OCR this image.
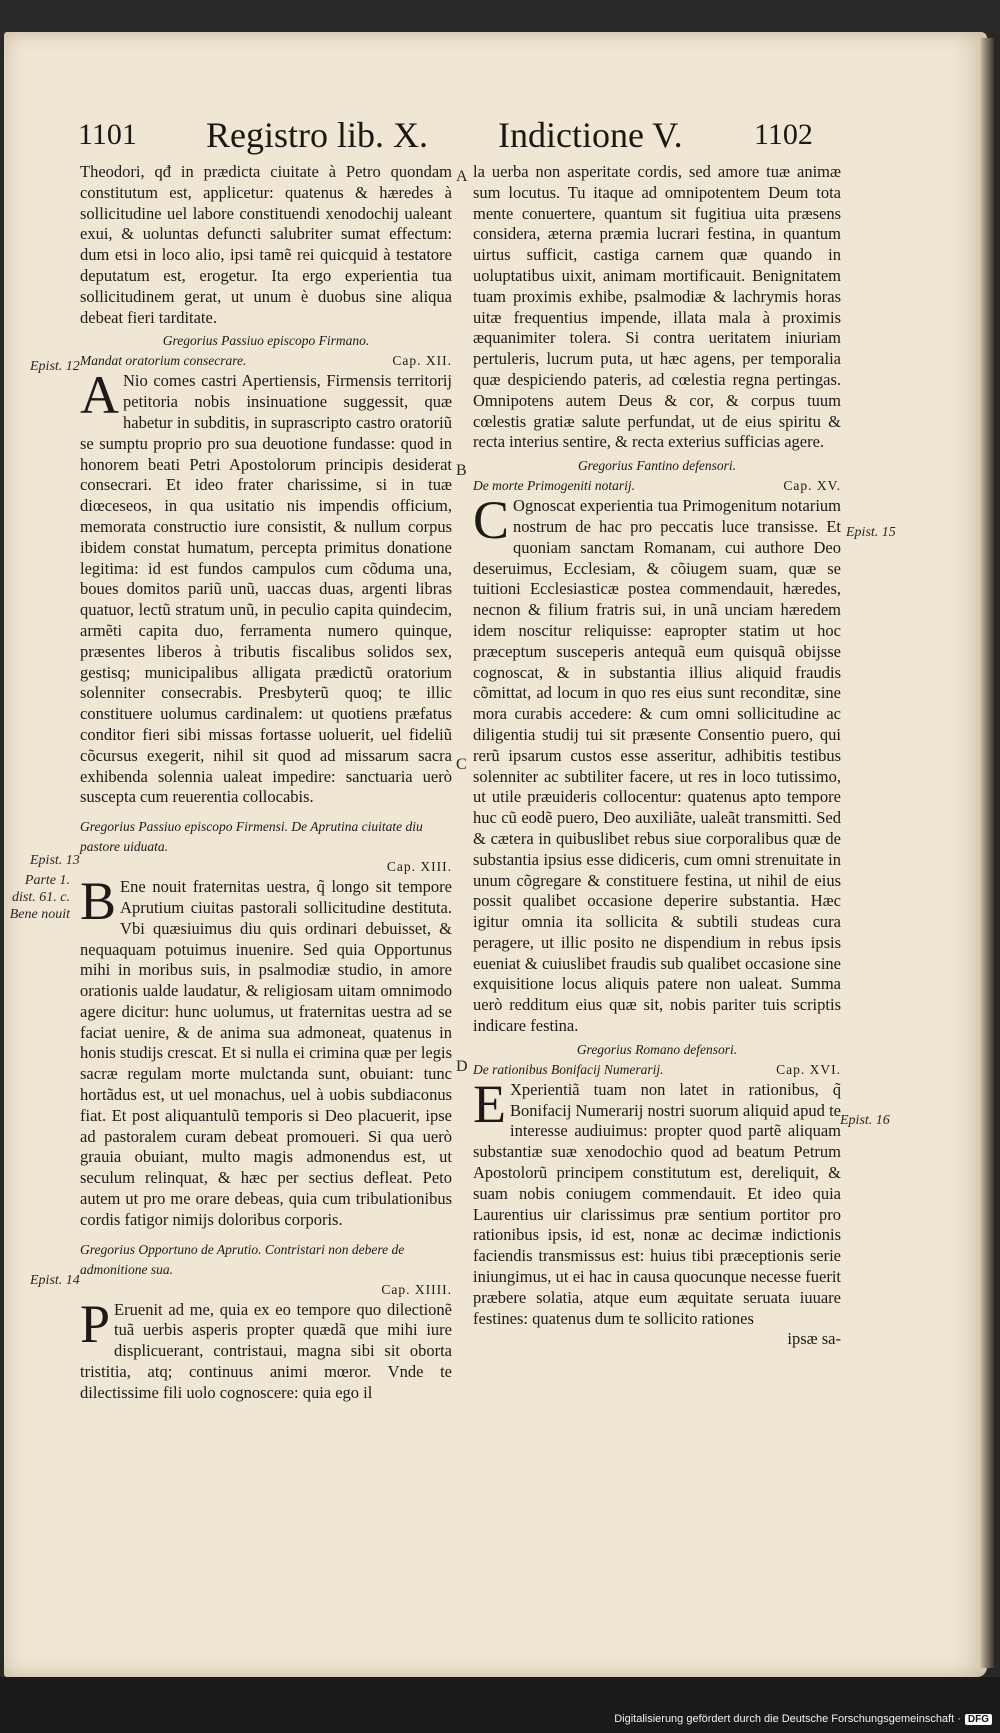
1101 Registro lib. X. Indictione V. 1102

Theodori, qđ in prædicta ciuitate à Petro quondam constitutum est, applicetur: quatenus & hæredes à sollicitudine uel labore constituendi xenodochij ualeant exui, & uoluntas defuncti salubriter sumat effectum: dum etsi in loco alio, ipsi tamẽ rei quicquid à testatore deputatum est, erogetur. Ita ergo experientia tua sollicitudinem gerat, ut unum è duobus sine aliqua debeat fieri tarditate.

Gregorius Passiuo episcopo Firmano.
Mandat oratorium consecrare.	Cap. XII.

A Nio comes castri Apertiensis, Firmensis territorij petitoria nobis insinuatione suggessit, quæ habetur in subditis, in suprascripto castro oratoriũ se sumptu proprio pro sua deuotione fundasse: quod in honorem beati Petri Apostolorum principis desiderat consecrari. Et ideo frater charissime, si in tuæ diœceseos, in qua usitatio nis impendis officium, memorata constructio iure consistit, & nullum corpus ibidem constat humatum, percepta primitus donatione legitima: id est fundos campulos cum cõduma una, boues domitos pariũ unũ, uaccas duas, argenti libras quatuor, lectũ stratum unũ, in peculio capita quindecim, armẽti capita duo, ferramenta numero quinque, præsentes liberos à tributis fiscalibus solidos sex, gestisq; municipalibus alligata prædictũ oratorium solenniter consecrabis. Presbyterũ quoq; te illic constituere uolumus cardinalem: ut quotiens præfatus conditor fieri sibi missas fortasse uoluerit, uel fideliũ cõcursus exegerit, nihil sit quod ad missarum sacra exhibenda solennia ualeat impedire: sanctuaria uerò suscepta cum reuerentia collocabis.

Gregorius Passiuo episcopo Firmensi. De Aprutina ciuitate diu pastore uiduata.
Cap. XIII.

B Ene nouit fraternitas uestra, q̃ longo sit tempore Aprutium ciuitas pastorali sollicitudine destituta. Vbi quæsiuimus diu quis ordinari debuisset, & nequaquam potuimus inuenire. Sed quia Opportunus mihi in moribus suis, in psalmodiæ studio, in amore orationis ualde laudatur, & religiosam uitam omnimodo agere dicitur: hunc uolumus, ut fraternitas uestra ad se faciat uenire, & de anima sua admoneat, quatenus in honis studijs crescat. Et si nulla ei crimina quæ per legis sacræ regulam morte mulctanda sunt, obuiant: tunc hortãdus est, ut uel monachus, uel à uobis subdiaconus fiat. Et post aliquantulũ temporis si Deo placuerit, ipse ad pastoralem curam debeat promoueri. Si qua uerò grauia obuiant, multo magis admonendus est, ut seculum relinquat, & hæc per sectius defleat. Peto autem ut pro me orare debeas, quia cum tribulationibus cordis fatigor nimijs doloribus corporis.

Gregorius Opportuno de Aprutio. Contristari non debere de admonitione sua.
Cap. XIIII.

P Eruenit ad me, quia ex eo tempore quo dilectionẽ tuã uerbis asperis propter quædã que mihi iure displicuerant, contristaui, magna sibi sit oborta tristitia, atq; continuus animi mœror. Vnde te dilectissime fili uolo cognoscere: quia ego il

la uerba non asperitate cordis, sed amore tuæ animæ sum locutus. Tu itaque ad omnipotentem Deum tota mente conuertere, quantum sit fugitiua uita præsens considera, æterna præmia lucrari festina, in quantum uirtus sufficit, castiga carnem quæ quando in uoluptatibus uixit, animam mortificauit. Benignitatem tuam proximis exhibe, psalmodiæ & lachrymis horas uitæ frequentius impende, illata mala à proximis æquanimiter tolera. Si contra ueritatem iniuriam pertuleris, lucrum puta, ut hæc agens, per temporalia quæ despiciendo pateris, ad cœlestia regna pertingas. Omnipotens autem Deus & cor, & corpus tuum cœlestis gratiæ salute perfundat, ut de eius spiritu & recta interius sentire, & recta exterius sufficias agere.

Gregorius Fantino defensori.
De morte Primogeniti notarij.	Cap. XV.

C Ognoscat experientia tua Primogenitum notarium nostrum de hac pro peccatis luce transisse. Et quoniam sanctam Romanam, cui authore Deo deseruimus, Ecclesiam, & cõiugem suam, quæ se tuitioni Ecclesiasticæ postea commendauit, hæredes, necnon & filium fratris sui, in unã unciam hæredem idem noscitur reliquisse: eapropter statim ut hoc præceptum susceperis antequã eum quisquã obijsse cognoscat, & in substantia illius aliquid fraudis cõmittat, ad locum in quo res eius sunt reconditæ, sine mora curabis accedere: & cum omni sollicitudine ac diligentia studij tui sit præsente Consentio puero, qui rerũ ipsarum custos esse asseritur, adhibitis testibus solenniter ac subtiliter facere, ut res in loco tutissimo, ut utile præuideris collocentur: quatenus apto tempore huc cũ eodẽ puero, Deo auxiliãte, ualeãt transmitti. Sed & cætera in quibuslibet rebus siue corporalibus quæ de substantia ipsius esse didiceris, cum omni strenuitate in unum cõgregare & constituere festina, ut nihil de eius possit qualibet occasione deperire substantia. Hæc igitur omnia ita sollicita & subtili studeas cura peragere, ut illic posito ne dispendium in rebus ipsis eueniat & cuiuslibet fraudis sub qualibet occasione sine exquisitione locus aliquis patere non ualeat. Summa uerò redditum eius quæ sit, nobis pariter tuis scriptis indicare festina.

Gregorius Romano defensori.
De rationibus Bonifacij Numerarij.	Cap. XVI.

E Xperientiã tuam non latet in rationibus, q̃ Bonifacij Numerarij nostri suorum aliquid apud te interesse audiuimus: propter quod partẽ aliquam substantiæ suæ xenodochio quod ad beatum Petrum Apostolorũ principem constitutum est, dereliquit, & suam nobis coniugem commendauit. Et ideo quia Laurentius uir clarissimus præ sentium portitor pro rationibus ipsis, id est, nonæ ac decimæ indictionis faciendis transmissus est: huius tibi præceptionis serie iniungimus, ut ei hac in causa quocunque necesse fuerit præbere solatia, atque eum æquitate seruata iuuare festines: quatenus dum te sollicito rationes

ipsæ sa-
Epist. 12
Epist. 13
Parte 1. dist. 61. c. Bene nouit
Epist. 14
Epist. 15
Epist. 16
A
B
C
D
Digitalisierung gefördert durch die Deutsche Forschungsgemeinschaft · DFG
